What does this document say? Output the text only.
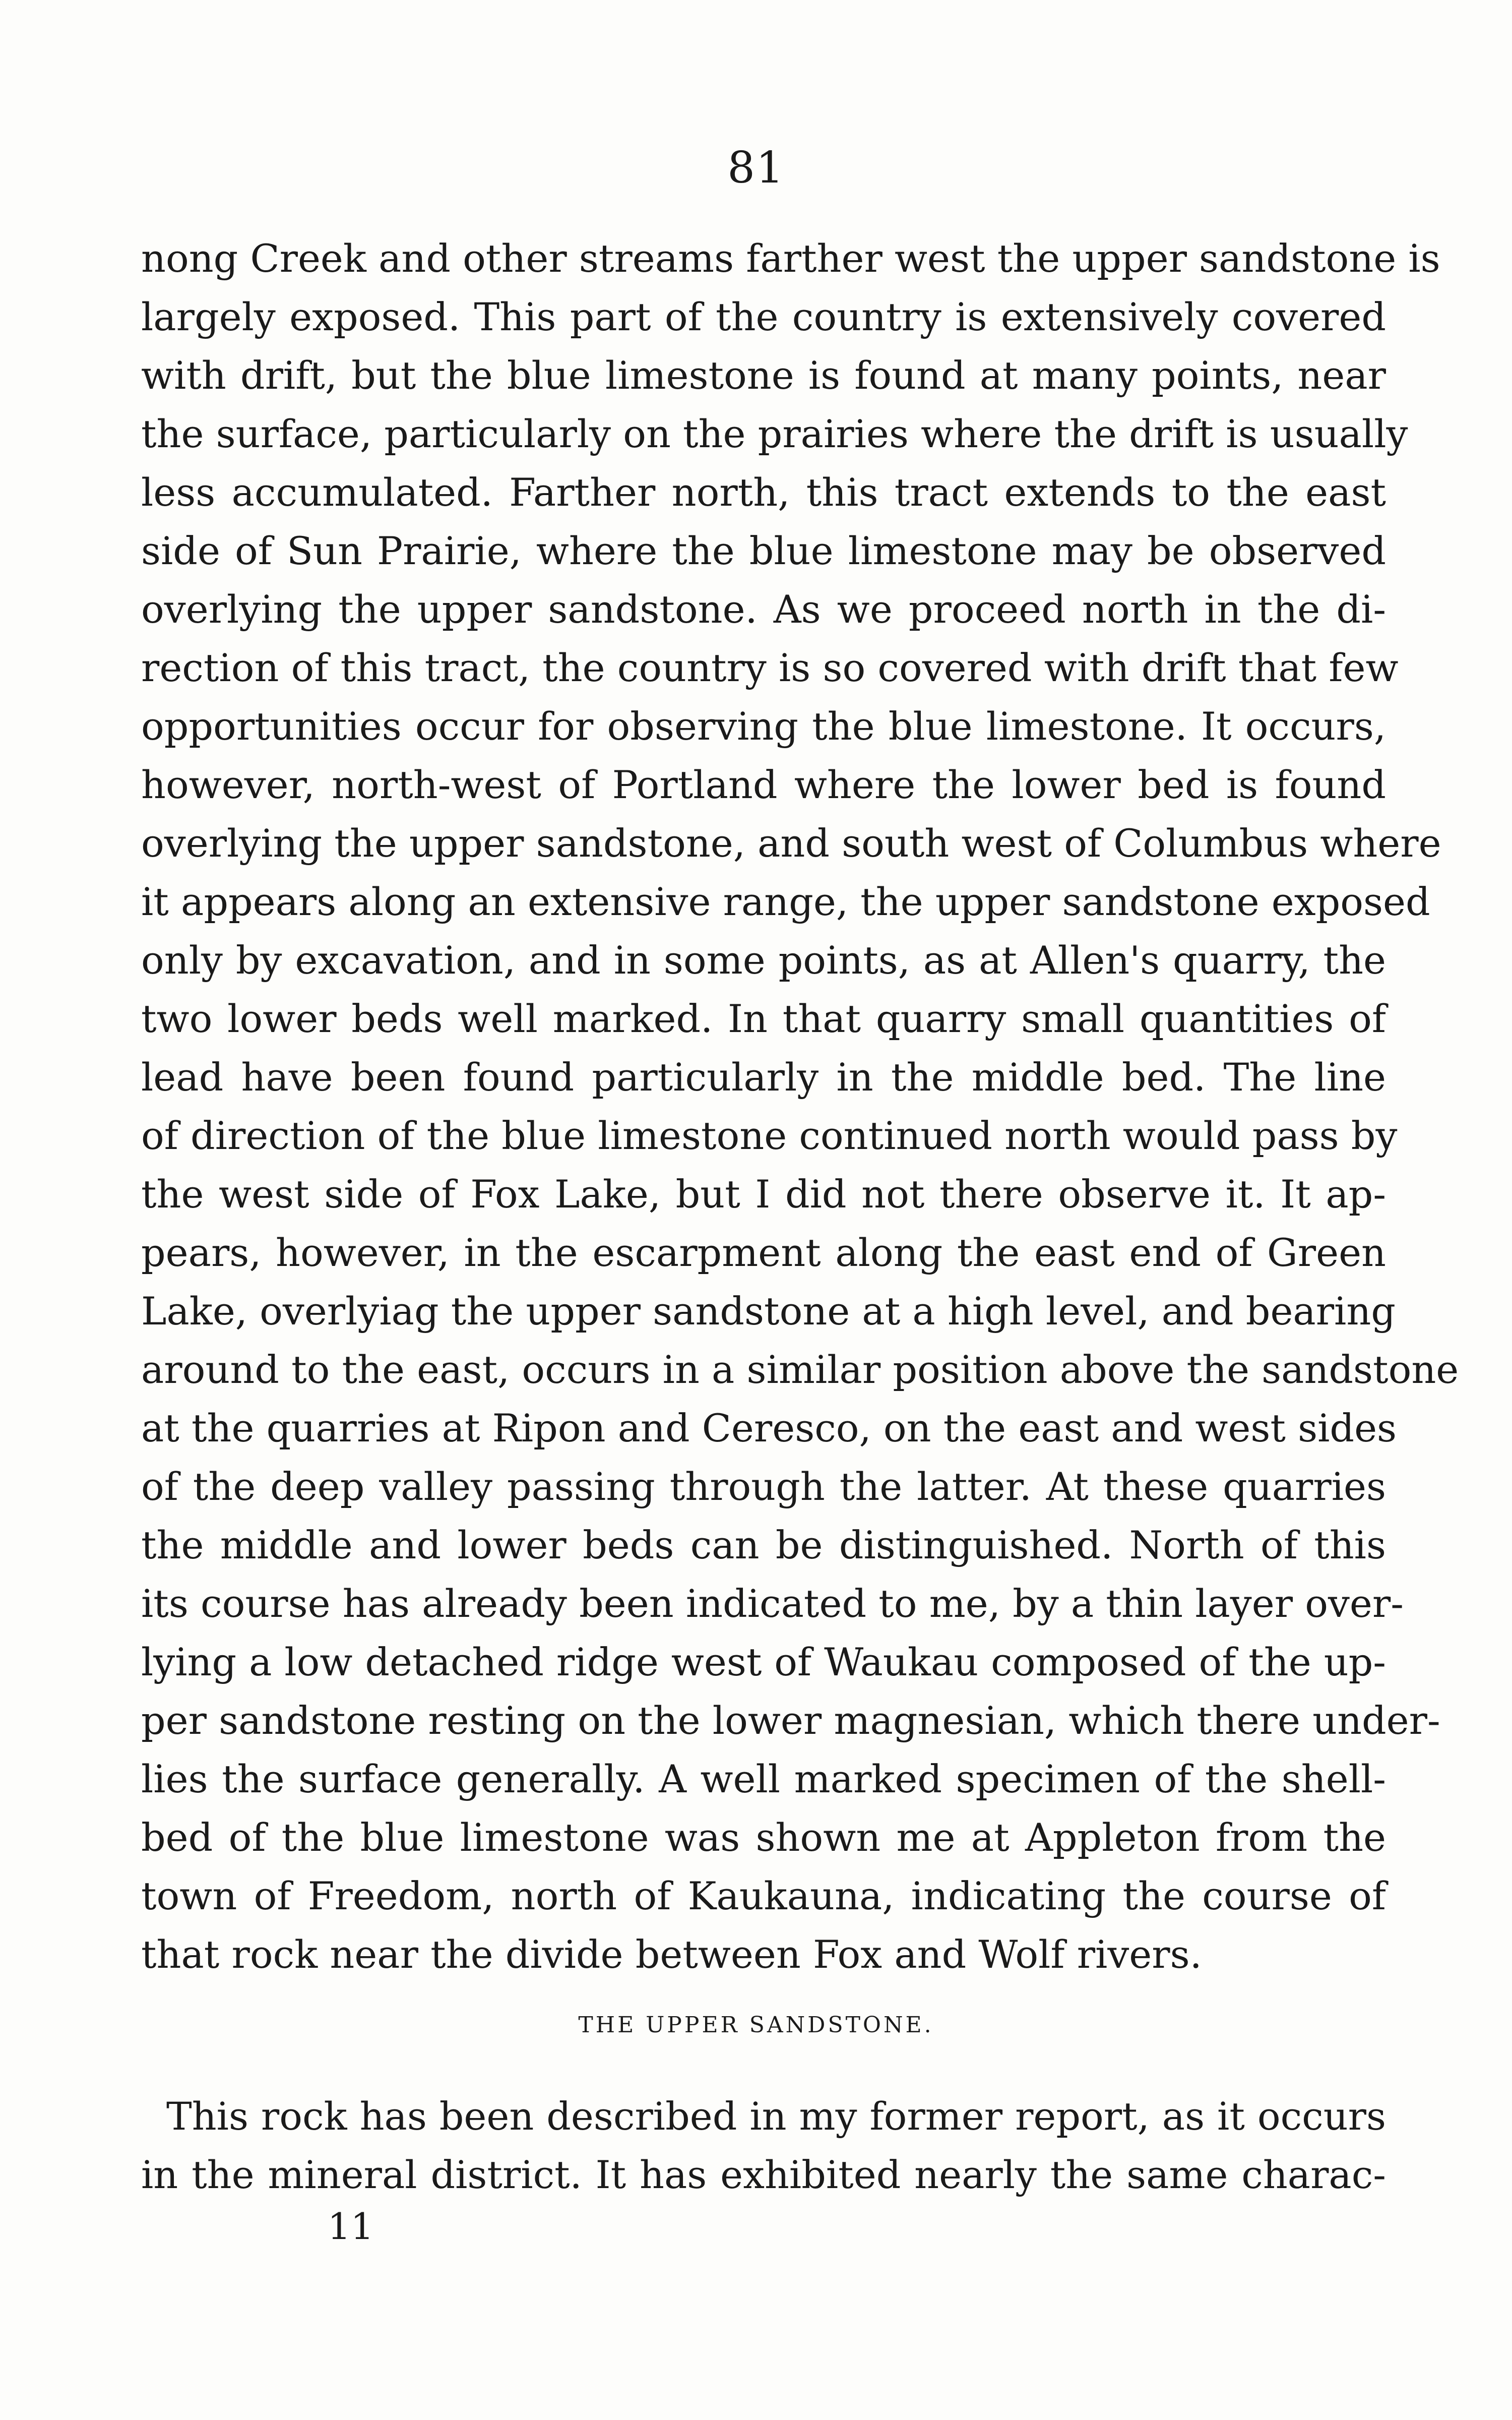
81
nong Creek and other streams farther west the upper sandstone is
largely exposed. This part of the country is extensively covered
with drift, but the blue limestone is found at many points, near
the surface, particularly on the prairies where the drift is usually
less accumulated. Farther north, this tract extends to the east
side of Sun Prairie, where the blue limestone may be observed
overlying the upper sandstone. As we proceed north in the di-
rection of this tract, the country is so covered with drift that few
opportunities occur for observing the blue limestone. It occurs,
however, north-west of Portland where the lower bed is found
overlying the upper sandstone, and south west of Columbus where
it appears along an extensive range, the upper sandstone exposed
only by excavation, and in some points, as at Allen's quarry, the
two lower beds well marked. In that quarry small quantities of
lead have been found particularly in the middle bed. The line
of direction of the blue limestone continued north would pass by
the west side of Fox Lake, but I did not there observe it. It ap-
pears, however, in the escarpment along the east end of Green
Lake, overlyiag the upper sandstone at a high level, and bearing
around to the east, occurs in a similar position above the sandstone
at the quarries at Ripon and Ceresco, on the east and west sides
of the deep valley passing through the latter. At these quarries
the middle and lower beds can be distinguished. North of this
its course has already been indicated to me, by a thin layer over-
lying a low detached ridge west of Waukau composed of the up-
per sandstone resting on the lower magnesian, which there under-
lies the surface generally. A well marked specimen of the shell-
bed of the blue limestone was shown me at Appleton from the
town of Freedom, north of Kaukauna, indicating the course of
that rock near the divide between Fox and Wolf rivers.
THE UPPER SANDSTONE.
This rock has been described in my former report, as it occurs
in the mineral district. It has exhibited nearly the same charac-
11
